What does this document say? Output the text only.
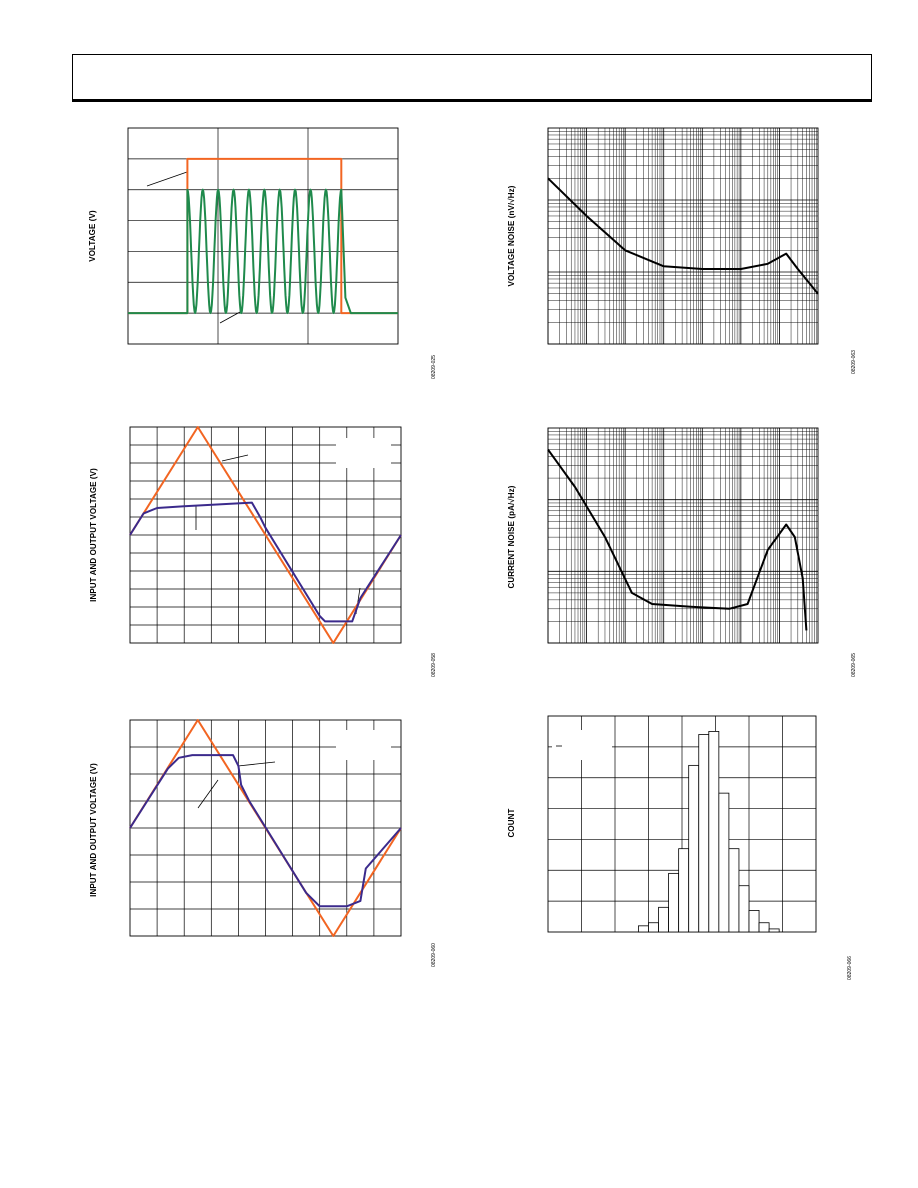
VOLTAGE (V)
08209-025
INPUT AND OUTPUT VOLTAGE (V)
08209-058
INPUT AND OUTPUT VOLTAGE (V)
08209-060
VOLTAGE NOISE (nV/√Hz)
08209-063
CURRENT NOISE (pA/√Hz)
08209-065
COUNT
08209-066
